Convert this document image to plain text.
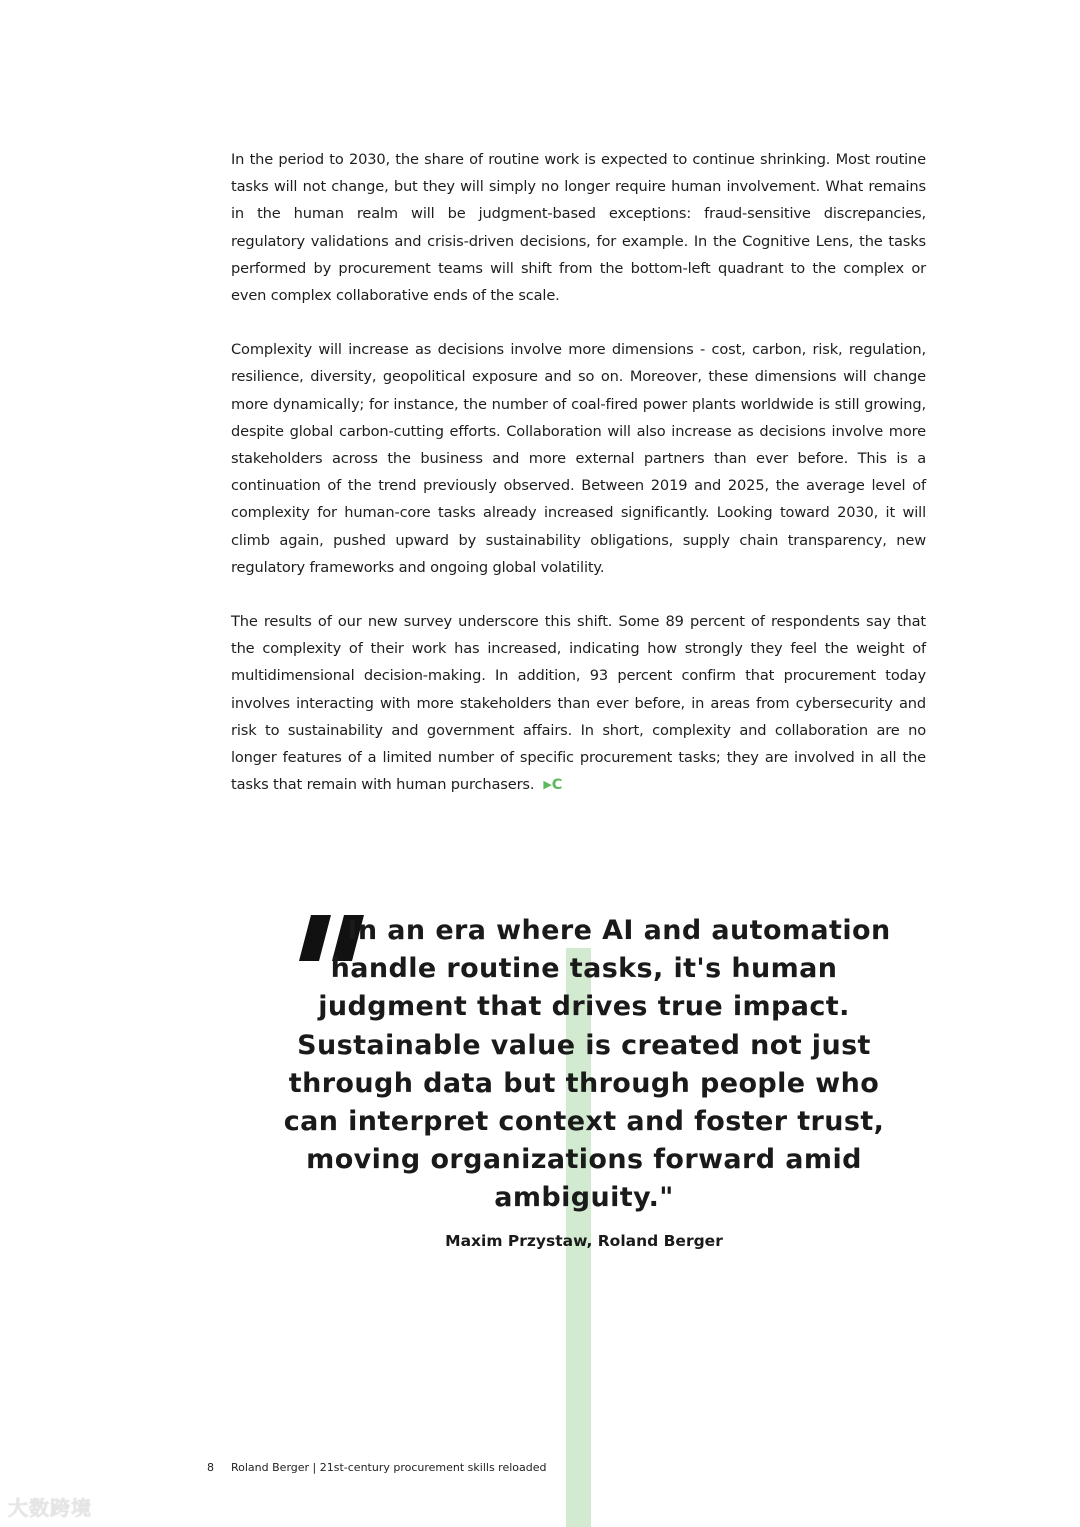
In the period to 2030, the share of routine work is expected to continue shrinking. Most routine tasks will not change, but they will simply no longer require human involvement. What remains in the human realm will be judgment-based exceptions: fraud-sensitive discrepancies, regulatory validations and crisis-driven decisions, for example. In the Cognitive Lens, the tasks performed by procurement teams will shift from the bottom-left quadrant to the complex or even complex collaborative ends of the scale.

Complexity will increase as decisions involve more dimensions - cost, carbon, risk, regulation, resilience, diversity, geopolitical exposure and so on. Moreover, these dimensions will change more dynamically; for instance, the number of coal-fired power plants worldwide is still growing, despite global carbon-cutting efforts. Collaboration will also increase as decisions involve more stakeholders across the business and more external partners than ever before. This is a continuation of the trend previously observed. Between 2019 and 2025, the average level of complexity for human-core tasks already increased significantly. Looking toward 2030, it will climb again, pushed upward by sustainability obligations, supply chain transparency, new regulatory frameworks and ongoing global volatility.

The results of our new survey underscore this shift. Some 89 percent of respondents say that the complexity of their work has increased, indicating how strongly they feel the weight of multidimensional decision-making. In addition, 93 percent confirm that procurement today involves interacting with more stakeholders than ever before, in areas from cybersecurity and risk to sustainability and government affairs. In short, complexity and collaboration are no longer features of a limited number of specific procurement tasks; they are involved in all the tasks that remain with human purchasers. ▶C

In an era where AI and automation handle routine tasks, it's human judgment that drives true impact. Sustainable value is created not just through data but through people who can interpret context and foster trust, moving organizations forward amid ambiguity."

Maxim Przystaw, Roland Berger
8 Roland Berger | 21st-century procurement skills reloaded
大数跨境
